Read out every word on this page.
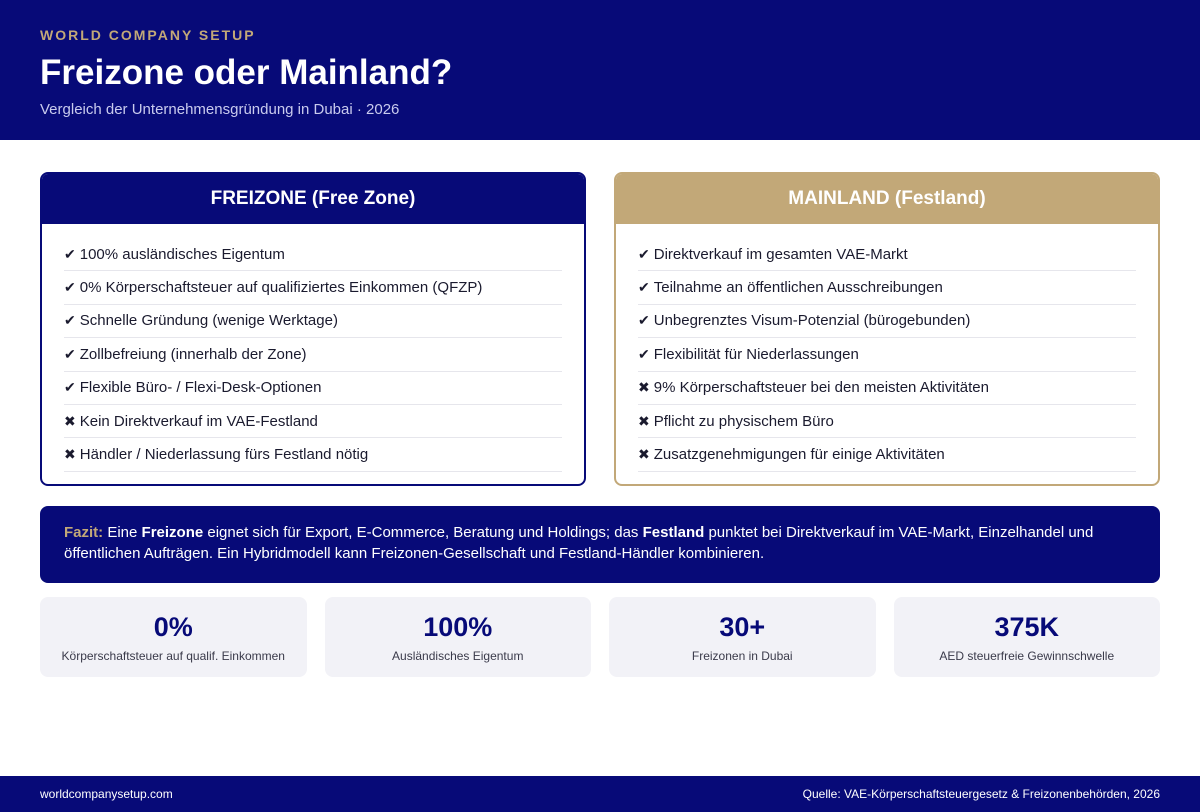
WORLD COMPANY SETUP
Freizone oder Mainland?
Vergleich der Unternehmensgründung in Dubai · 2026
FREIZONE (Free Zone)
✔ 100% ausländisches Eigentum
✔ 0% Körperschaftsteuer auf qualifiziertes Einkommen (QFZP)
✔ Schnelle Gründung (wenige Werktage)
✔ Zollbefreiung (innerhalb der Zone)
✔ Flexible Büro- / Flexi-Desk-Optionen
✖ Kein Direktverkauf im VAE-Festland
✖ Händler / Niederlassung fürs Festland nötig
MAINLAND (Festland)
✔ Direktverkauf im gesamten VAE-Markt
✔ Teilnahme an öffentlichen Ausschreibungen
✔ Unbegrenztes Visum-Potenzial (bürogebunden)
✔ Flexibilität für Niederlassungen
✖ 9% Körperschaftsteuer bei den meisten Aktivitäten
✖ Pflicht zu physischem Büro
✖ Zusatzgenehmigungen für einige Aktivitäten
Fazit: Eine Freizone eignet sich für Export, E-Commerce, Beratung und Holdings; das Festland punktet bei Direktverkauf im VAE-Markt, Einzelhandel und öffentlichen Aufträgen. Ein Hybridmodell kann Freizonen-Gesellschaft und Festland-Händler kombinieren.
0%
Körperschaftsteuer auf qualif. Einkommen
100%
Ausländisches Eigentum
30+
Freizonen in Dubai
375K
AED steuerfreie Gewinnschwelle
worldcompanysetup.com	Quelle: VAE-Körperschaftsteuergesetz & Freizonenbehörden, 2026
